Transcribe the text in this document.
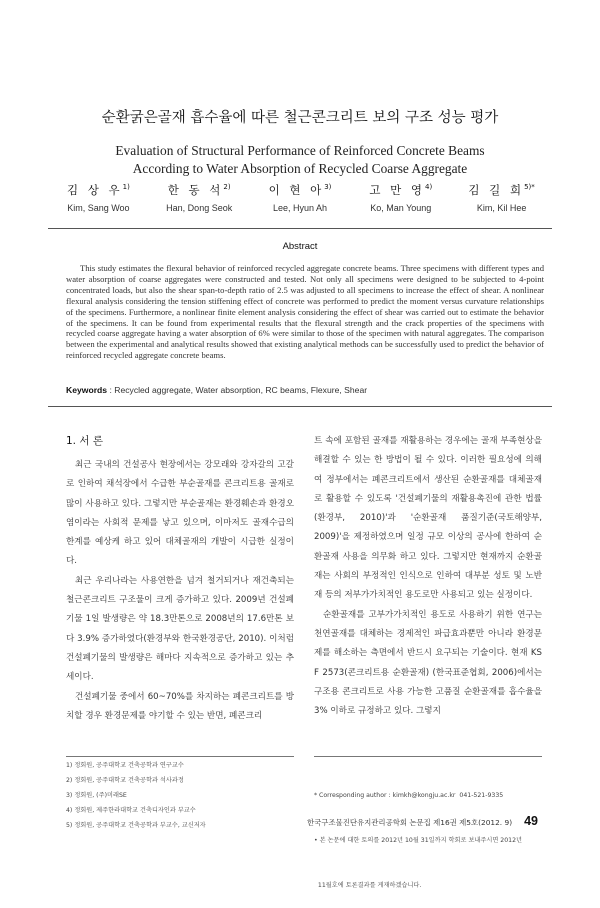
순환굵은골재 흡수율에 따른 철근콘크리트 보의 구조 성능 평가
Evaluation of Structural Performance of Reinforced Concrete Beams
According to Water Absorption of Recycled Coarse Aggregate
김 상 우$^{1)}$
Kim, Sang Woo
한 동 석$^{2)}$
Han, Dong Seok
이 현 아$^{3)}$
Lee, Hyun Ah
고 만 영$^{4)}$
Ko, Man Young
김 길 희$^{5)*}$
Kim, Kil Hee
Abstract
This study estimates the flexural behavior of reinforced recycled aggregate concrete beams. Three specimens with different types and water absorption of coarse aggregates were constructed and tested. Not only all specimens were designed to be subjected to 4-point concentrated loads, but also the shear span-to-depth ratio of 2.5 was adjusted to all specimens to increase the effect of shear. A nonlinear flexural analysis considering the tension stiffening effect of concrete was performed to predict the moment versus curvature relationships of the specimens. Furthermore, a nonlinear finite element analysis considering the effect of shear was carried out to estimate the behavior of the specimens. It can be found from experimental results that the flexural strength and the crack properties of the specimens with recycled coarse aggregate having a water absorption of 6% were similar to those of the specimen with natural aggregates. The comparison between the experimental and analytical results showed that existing analytical methods can be successfully used to predict the behavior of reinforced recycled aggregate concrete beams.
Keywords : Recycled aggregate, Water absorption, RC beams, Flexure, Shear
1. 서 론

최근 국내의 건설공사 현장에서는 강모래와 강자갈의 고갈로 인하여 채석장에서 수급한 부순골재를 콘크리트용 골재로 많이 사용하고 있다. 그렇지만 부순골재는 환경훼손과 환경오염이라는 사회적 문제를 낳고 있으며, 이마저도 골재수급의 한계를 예상케 하고 있어 대체골재의 개발이 시급한 실정이다.

최근 우리나라는 사용연한을 넘겨 철거되거나 재건축되는 철근콘크리트 구조물이 크게 증가하고 있다. 2009년 건설폐기물 1일 발생량은 약 18.3만톤으로 2008년의 17.6만톤 보다 3.9% 증가하였다(환경부와 한국환경공단, 2010). 이처럼 건설폐기물의 발생량은 해마다 지속적으로 증가하고 있는 추세이다.

건설폐기물 중에서 60~70%를 차지하는 폐콘크리트를 방치할 경우 환경문제를 야기할 수 있는 반면, 폐콘크리

트 속에 포함된 골재를 재활용하는 경우에는 골재 부족현상을 해결할 수 있는 한 방법이 될 수 있다. 이러한 필요성에 의해여 정부에서는 폐콘크리트에서 생산된 순환골재를 대체골재로 활용할 수 있도록 '건설폐기물의 재활용촉진에 관한 법률(환경부, 2010)'과 '순환골재 품질기준(국토해양부, 2009)'을 제정하였으며 일정 규모 이상의 공사에 한하여 순환골재 사용을 의무화 하고 있다. 그렇지만 현재까지 순환골재는 사회의 부정적인 인식으로 인하여 대부분 성토 및 노반재 등의 저부가가치적인 용도로만 사용되고 있는 실정이다.

순환골재를 고부가가치적인 용도로 사용하기 위한 연구는 천연골재를 대체하는 경제적인 파급효과뿐만 아니라 환경문제를 해소하는 측면에서 반드시 요구되는 기술이다. 현재 KS F 2573(콘크리트용 순환골재) (한국표준협회, 2006)에서는 구조용 콘크리트로 사용 가능한 고품질 순환골재를 흡수율을 3% 이하로 규정하고 있다. 그렇지

1) 정회원, 공주대학교 건축공학과 연구교수
2) 정회원, 공주대학교 건축공학과 석사과정
3) 정회원, (주)미래SE
4) 정회원, 제주한라대학교 건축디자인과 부교수
5) 정회원, 공주대학교 건축공학과 부교수, 교신저자

* Corresponding author : kimkh@kongju.ac.kr  041-521-9335

• 본 논문에 대한 토의를 2012년 10월 31일까지 학회로 보내주시면 2012년

11월호에 토론결과를 게재하겠습니다.

한국구조물진단유지관리공학회 논문집 제16권 제5호(2012. 9) 49
